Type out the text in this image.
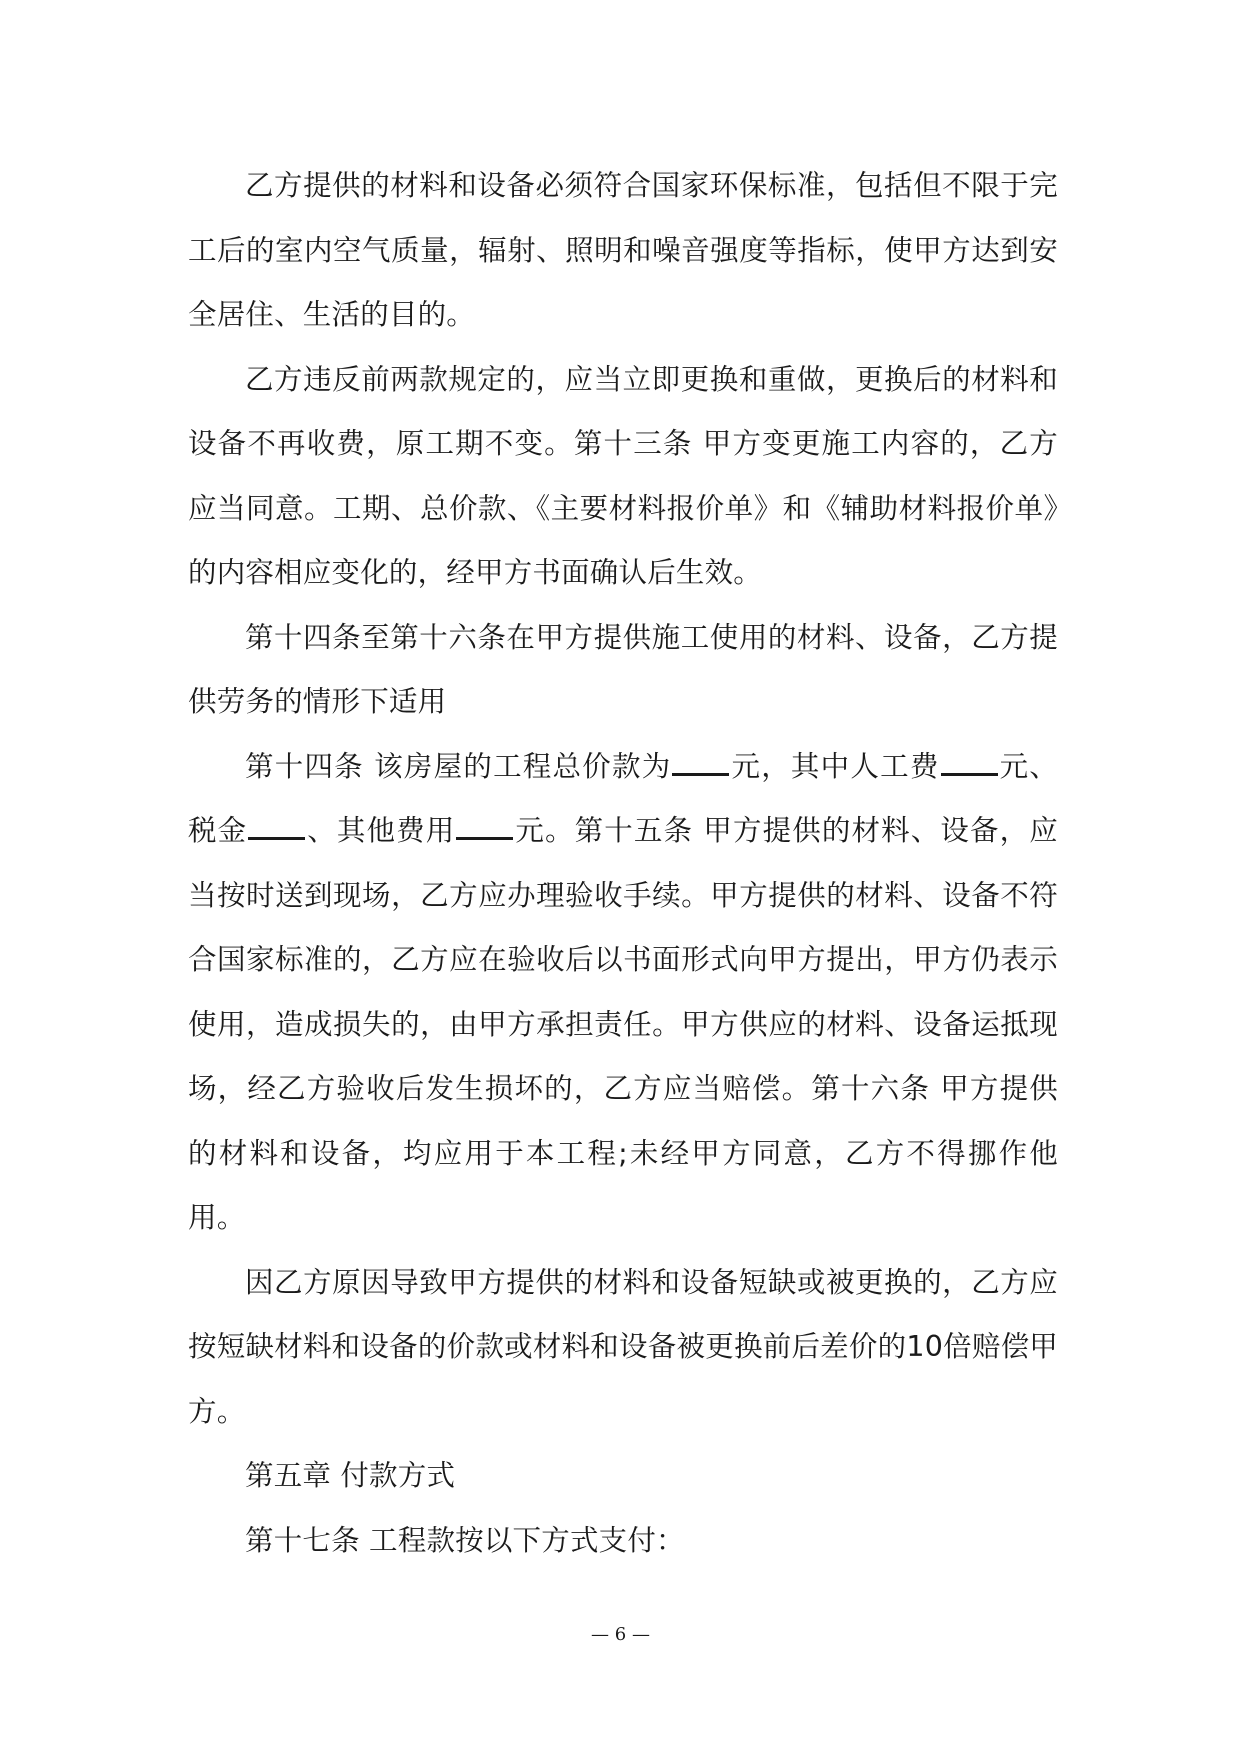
乙方提供的材料和设备必须符合国家环保标准，包括但不限于完工后的室内空气质量，辐射、照明和噪音强度等指标，使甲方达到安全居住、生活的目的。

乙方违反前两款规定的，应当立即更换和重做，更换后的材料和设备不再收费，原工期不变。第十三条 甲方变更施工内容的，乙方应当同意。工期、总价款、《主要材料报价单》和《辅助材料报价单》的内容相应变化的，经甲方书面确认后生效。

第十四条至第十六条在甲方提供施工使用的材料、设备，乙方提供劳务的情形下适用

第十四条 该房屋的工程总价款为 元，其中人工费 元、税金 、其他费用 元。第十五条 甲方提供的材料、设备，应当按时送到现场，乙方应办理验收手续。甲方提供的材料、设备不符合国家标准的，乙方应在验收后以书面形式向甲方提出，甲方仍表示使用，造成损失的，由甲方承担责任。甲方供应的材料、设备运抵现场，经乙方验收后发生损坏的，乙方应当赔偿。第十六条 甲方提供的材料和设备，均应用于本工程;未经甲方同意，乙方不得挪作他用。

因乙方原因导致甲方提供的材料和设备短缺或被更换的，乙方应按短缺材料和设备的价款或材料和设备被更换前后差价的10倍赔偿甲方。

第五章 付款方式

第十七条 工程款按以下方式支付：

— 6 —
